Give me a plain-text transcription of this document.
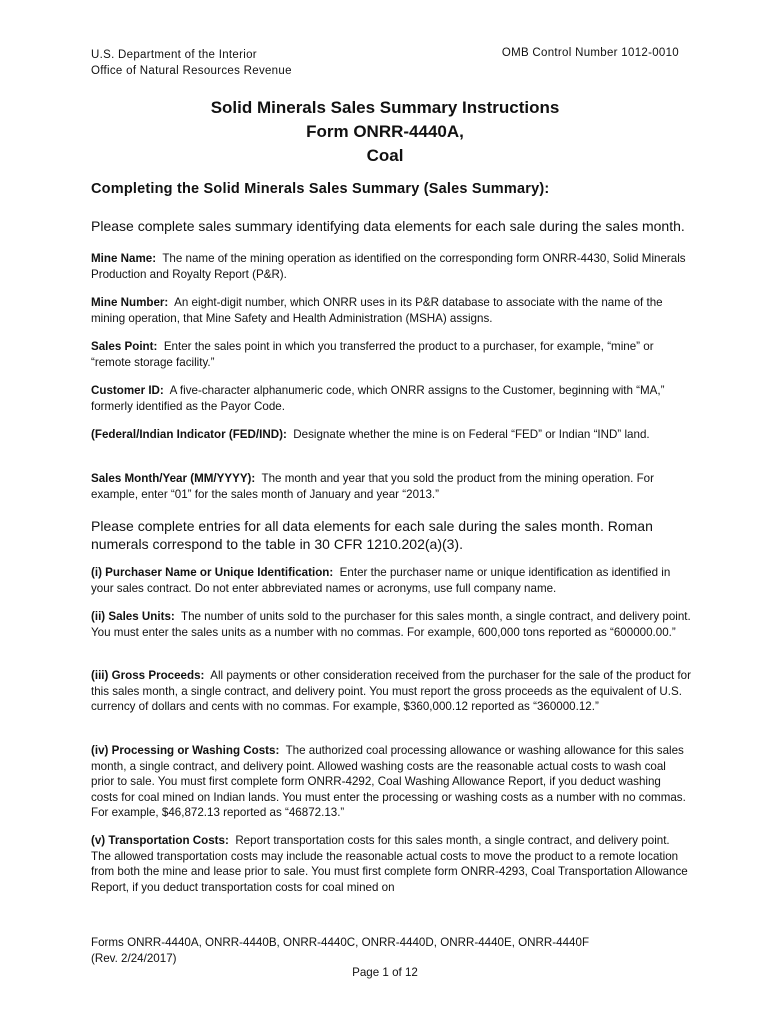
U.S. Department of the Interior
Office of Natural Resources Revenue
OMB Control Number 1012-0010
Solid Minerals Sales Summary Instructions
Form ONRR-4440A,
Coal
Completing the Solid Minerals Sales Summary (Sales Summary):
Please complete sales summary identifying data elements for each sale during the sales month.
Mine Name: The name of the mining operation as identified on the corresponding form ONRR-4430, Solid Minerals Production and Royalty Report (P&R).
Mine Number: An eight-digit number, which ONRR uses in its P&R database to associate with the name of the mining operation, that Mine Safety and Health Administration (MSHA) assigns.
Sales Point: Enter the sales point in which you transferred the product to a purchaser, for example, “mine” or “remote storage facility.”
Customer ID: A five-character alphanumeric code, which ONRR assigns to the Customer, beginning with “MA,” formerly identified as the Payor Code.
(Federal/Indian Indicator (FED/IND): Designate whether the mine is on Federal “FED” or Indian “IND” land.
Sales Month/Year (MM/YYYY): The month and year that you sold the product from the mining operation. For example, enter “01” for the sales month of January and year “2013.”
Please complete entries for all data elements for each sale during the sales month. Roman numerals correspond to the table in 30 CFR 1210.202(a)(3).
(i) Purchaser Name or Unique Identification: Enter the purchaser name or unique identification as identified in your sales contract. Do not enter abbreviated names or acronyms, use full company name.
(ii) Sales Units: The number of units sold to the purchaser for this sales month, a single contract, and delivery point. You must enter the sales units as a number with no commas. For example, 600,000 tons reported as “600000.00.”
(iii) Gross Proceeds: All payments or other consideration received from the purchaser for the sale of the product for this sales month, a single contract, and delivery point. You must report the gross proceeds as the equivalent of U.S. currency of dollars and cents with no commas. For example, $360,000.12 reported as “360000.12.”
(iv) Processing or Washing Costs: The authorized coal processing allowance or washing allowance for this sales month, a single contract, and delivery point. Allowed washing costs are the reasonable actual costs to wash coal prior to sale. You must first complete form ONRR-4292, Coal Washing Allowance Report, if you deduct washing costs for coal mined on Indian lands. You must enter the processing or washing costs as a number with no commas. For example, $46,872.13 reported as “46872.13.”
(v) Transportation Costs: Report transportation costs for this sales month, a single contract, and delivery point. The allowed transportation costs may include the reasonable actual costs to move the product to a remote location from both the mine and lease prior to sale. You must first complete form ONRR-4293, Coal Transportation Allowance Report, if you deduct transportation costs for coal mined on
Forms ONRR-4440A, ONRR-4440B, ONRR-4440C, ONRR-4440D, ONRR-4440E, ONRR-4440F
(Rev. 2/24/2017)
Page 1 of 12
